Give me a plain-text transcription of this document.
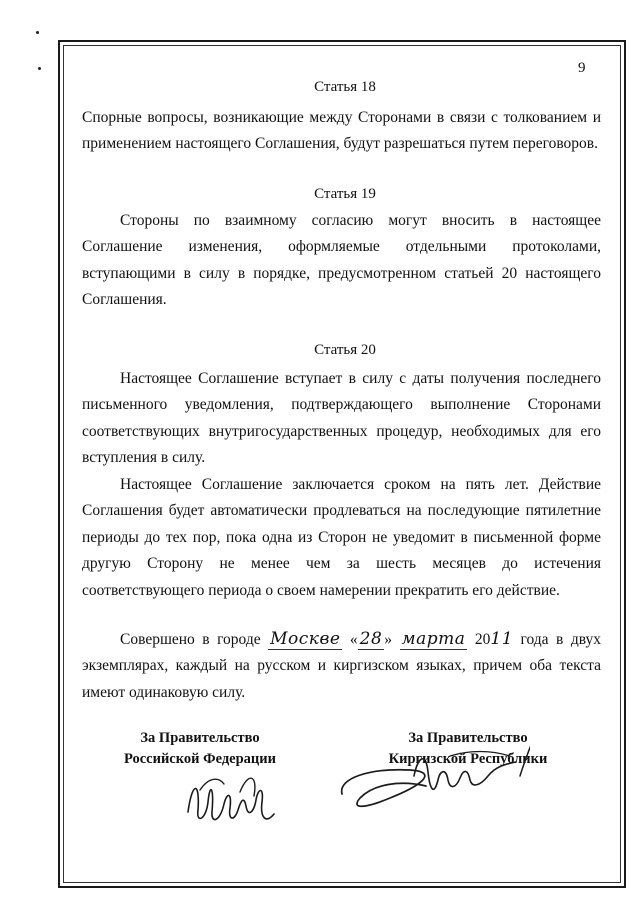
9
Статья 18

Спорные вопросы, возникающие между Сторонами в связи с толкованием и применением настоящего Соглашения, будут разрешаться путем переговоров.

Статья 19

Стороны по взаимному согласию могут вносить в настоящее Соглашение изменения, оформляемые отдельными протоколами, вступающими в силу в порядке, предусмотренном статьей 20 настоящего Соглашения.

Статья 20

Настоящее Соглашение вступает в силу с даты получения последнего письменного уведомления, подтверждающего выполнение Сторонами соответствующих внутригосударственных процедур, необходимых для его вступления в силу.

Настоящее Соглашение заключается сроком на пять лет. Действие Соглашения будет автоматически продлеваться на последующие пятилетние периоды до тех пор, пока одна из Сторон не уведомит в письменной форме другую Сторону не менее чем за шесть месяцев до истечения соответствующего периода о своем намерении прекратить его действие.

Совершено в городе Москве « 28 » марта 2011 года в двух экземплярах, каждый на русском и киргизском языках, причем оба текста имеют одинаковую силу.

За Правительство
Российской Федерации
За Правительство
Киргизской Республики
